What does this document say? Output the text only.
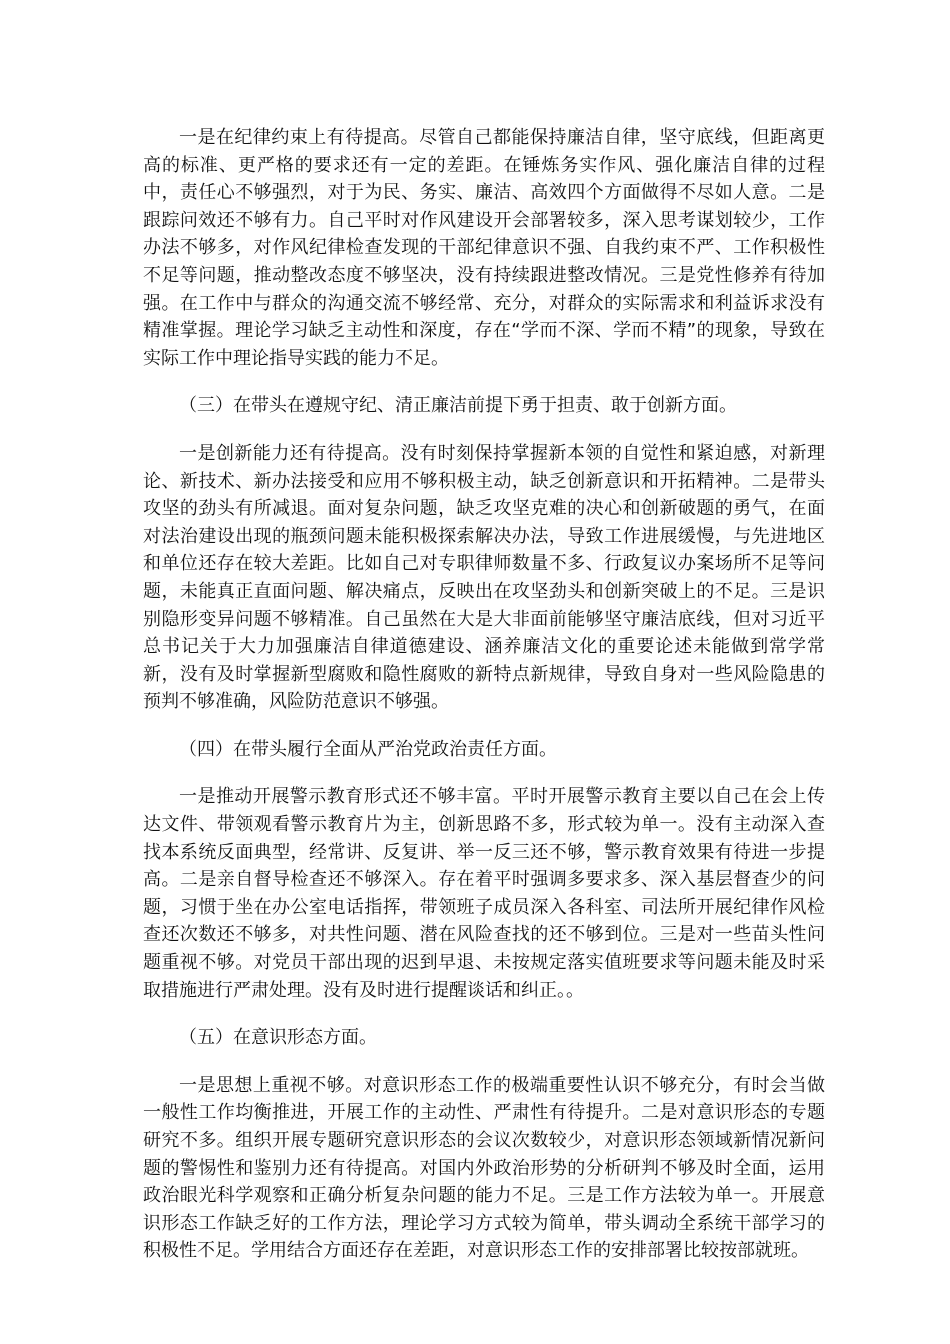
一是在纪律约束上有待提高。尽管自己都能保持廉洁自律，坚守底线，但距离更高的标准、更严格的要求还有一定的差距。在锤炼务实作风、强化廉洁自律的过程中，责任心不够强烈，对于为民、务实、廉洁、高效四个方面做得不尽如人意。二是跟踪问效还不够有力。自己平时对作风建设开会部署较多，深入思考谋划较少，工作办法不够多，对作风纪律检查发现的干部纪律意识不强、自我约束不严、工作积极性不足等问题，推动整改态度不够坚决，没有持续跟进整改情况。三是党性修养有待加强。在工作中与群众的沟通交流不够经常、充分，对群众的实际需求和利益诉求没有精准掌握。理论学习缺乏主动性和深度，存在“学而不深、学而不精”的现象，导致在实际工作中理论指导实践的能力不足。

（三）在带头在遵规守纪、清正廉洁前提下勇于担责、敢于创新方面。

一是创新能力还有待提高。没有时刻保持掌握新本领的自觉性和紧迫感，对新理论、新技术、新办法接受和应用不够积极主动，缺乏创新意识和开拓精神。二是带头攻坚的劲头有所减退。面对复杂问题，缺乏攻坚克难的决心和创新破题的勇气，在面对法治建设出现的瓶颈问题未能积极探索解决办法，导致工作进展缓慢，与先进地区和单位还存在较大差距。比如自己对专职律师数量不多、行政复议办案场所不足等问题，未能真正直面问题、解决痛点，反映出在攻坚劲头和创新突破上的不足。三是识别隐形变异问题不够精准。自己虽然在大是大非面前能够坚守廉洁底线，但对习近平总书记关于大力加强廉洁自律道德建设、涵养廉洁文化的重要论述未能做到常学常新，没有及时掌握新型腐败和隐性腐败的新特点新规律，导致自身对一些风险隐患的预判不够准确，风险防范意识不够强。

（四）在带头履行全面从严治党政治责任方面。

一是推动开展警示教育形式还不够丰富。平时开展警示教育主要以自己在会上传达文件、带领观看警示教育片为主，创新思路不多，形式较为单一。没有主动深入查找本系统反面典型，经常讲、反复讲、举一反三还不够，警示教育效果有待进一步提高。二是亲自督导检查还不够深入。存在着平时强调多要求多、深入基层督查少的问题，习惯于坐在办公室电话指挥，带领班子成员深入各科室、司法所开展纪律作风检查还次数还不够多，对共性问题、潜在风险查找的还不够到位。三是对一些苗头性问题重视不够。对党员干部出现的迟到早退、未按规定落实值班要求等问题未能及时采取措施进行严肃处理。没有及时进行提醒谈话和纠正。。

（五）在意识形态方面。

一是思想上重视不够。对意识形态工作的极端重要性认识不够充分，有时会当做一般性工作均衡推进，开展工作的主动性、严肃性有待提升。二是对意识形态的专题研究不多。组织开展专题研究意识形态的会议次数较少，对意识形态领域新情况新问题的警惕性和鉴别力还有待提高。对国内外政治形势的分析研判不够及时全面，运用政治眼光科学观察和正确分析复杂问题的能力不足。三是工作方法较为单一。开展意识形态工作缺乏好的工作方法，理论学习方式较为简单，带头调动全系统干部学习的积极性不足。学用结合方面还存在差距，对意识形态工作的安排部署比较按部就班。
